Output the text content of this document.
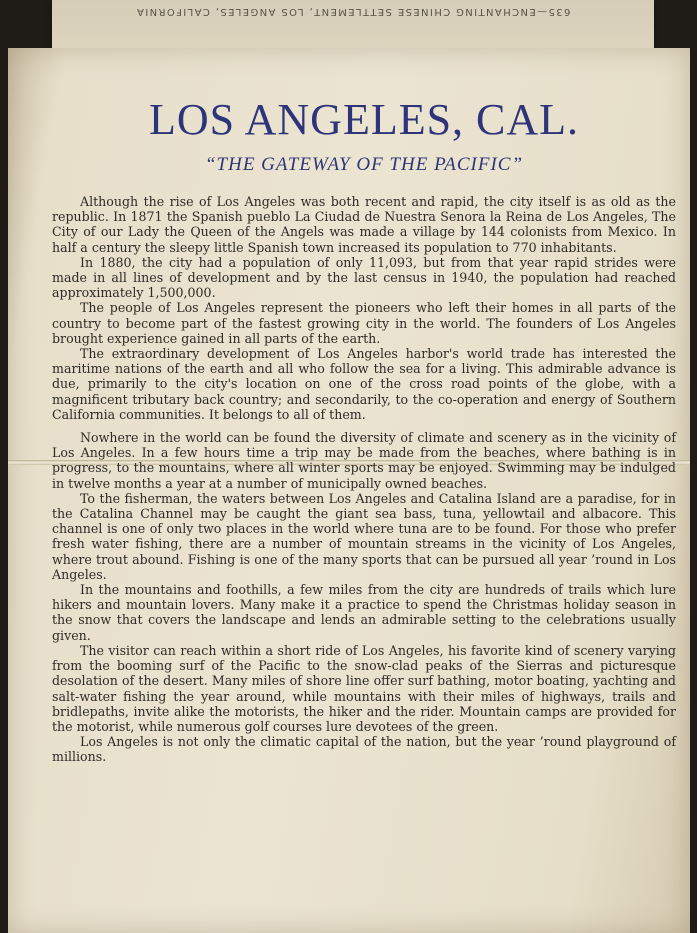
635—ENCHANTING CHINESE SETTLEMENT, LOS ANGELES, CALIFORNIA
LOS ANGELES, CAL.
“THE GATEWAY OF THE PACIFIC”

Although the rise of Los Angeles was both recent and rapid, the city itself is as old as the republic. In 1871 the Spanish pueblo La Ciudad de Nuestra Senora la Reina de Los Angeles, The City of our Lady the Queen of the Angels was made a village by 144 colonists from Mexico. In half a century the sleepy little Spanish town increased its population to 770 inhabitants.

In 1880, the city had a population of only 11,093, but from that year rapid strides were made in all lines of development and by the last census in 1940, the population had reached approximately 1,500,000.

The people of Los Angeles represent the pioneers who left their homes in all parts of the country to become part of the fastest growing city in the world. The founders of Los Angeles brought experience gained in all parts of the earth.

The extraordinary development of Los Angeles harbor's world trade has interested the maritime nations of the earth and all who follow the sea for a living. This admirable advance is due, primarily to the city's location on one of the cross road points of the globe, with a magnificent tributary back country; and secondarily, to the co-operation and energy of Southern California communities. It belongs to all of them.

Nowhere in the world can be found the diversity of climate and scenery as in the vicinity of Los Angeles. In a few hours time a trip may be made from the beaches, where bathing is in progress, to the mountains, where all winter sports may be enjoyed. Swimming may be indulged in twelve months a year at a number of municipally owned beaches.

To the fisherman, the waters between Los Angeles and Catalina Island are a paradise, for in the Catalina Channel may be caught the giant sea bass, tuna, yellowtail and albacore. This channel is one of only two places in the world where tuna are to be found. For those who prefer fresh water fishing, there are a number of mountain streams in the vicinity of Los Angeles, where trout abound. Fishing is one of the many sports that can be pursued all year ’round in Los Angeles.

In the mountains and foothills, a few miles from the city are hundreds of trails which lure hikers and mountain lovers. Many make it a practice to spend the Christmas holiday season in the snow that covers the landscape and lends an admirable setting to the celebrations usually given.

The visitor can reach within a short ride of Los Angeles, his favorite kind of scenery varying from the booming surf of the Pacific to the snow-clad peaks of the Sierras and picturesque desolation of the desert. Many miles of shore line offer surf bathing, motor boating, yachting and salt-water fishing the year around, while mountains with their miles of highways, trails and bridlepaths, invite alike the motorists, the hiker and the rider. Mountain camps are provided for the motorist, while numerous golf courses lure devotees of the green.

Los Angeles is not only the climatic capital of the nation, but the year ’round playground of millions.
